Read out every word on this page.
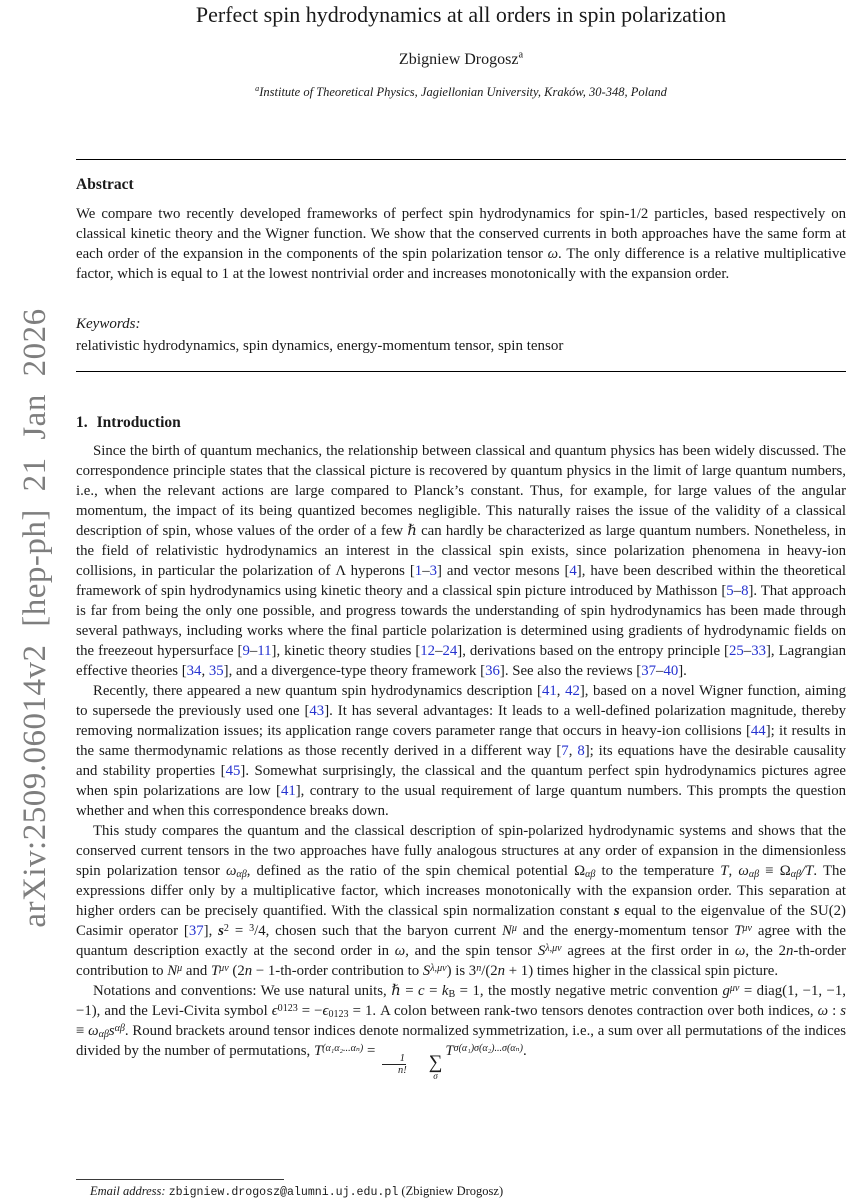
arXiv:2509.06014v2 [hep-ph] 21 Jan 2026
Perfect spin hydrodynamics at all orders in spin polarization
Zbigniew Drogosz$^a$
$^a$Institute of Theoretical Physics, Jagiellonian University, Kraków, 30-348, Poland
Abstract
We compare two recently developed frameworks of perfect spin hydrodynamics for spin-1/2 particles, based respectively on classical kinetic theory and the Wigner function. We show that the conserved currents in both approaches have the same form at each order of the expansion in the components of the spin polarization tensor ω. The only difference is a relative multiplicative factor, which is equal to 1 at the lowest nontrivial order and increases monotonically with the expansion order.
Keywords:
relativistic hydrodynamics, spin dynamics, energy-momentum tensor, spin tensor
1. Introduction

Since the birth of quantum mechanics, the relationship between classical and quantum physics has been widely discussed. The correspondence principle states that the classical picture is recovered by quantum physics in the limit of large quantum numbers, i.e., when the relevant actions are large compared to Planck’s constant. Thus, for example, for large values of the angular momentum, the impact of its being quantized becomes negligible. This naturally raises the issue of the validity of a classical description of spin, whose values of the order of a few ℏ can hardly be characterized as large quantum numbers. Nonetheless, in the field of relativistic hydrodynamics an interest in the classical spin exists, since polarization phenomena in heavy-ion collisions, in particular the polarization of Λ hyperons [1–3] and vector mesons [4], have been described within the theoretical framework of spin hydrodynamics using kinetic theory and a classical spin picture introduced by Mathisson [5–8]. That approach is far from being the only one possible, and progress towards the understanding of spin hydrodynamics has been made through several pathways, including works where the final particle polarization is determined using gradients of hydrodynamic fields on the freezeout hypersurface [9–11], kinetic theory studies [12–24], derivations based on the entropy principle [25–33], Lagrangian effective theories [34, 35], and a divergence-type theory framework [36]. See also the reviews [37–40].

Recently, there appeared a new quantum spin hydrodynamics description [41, 42], based on a novel Wigner function, aiming to supersede the previously used one [43]. It has several advantages: It leads to a well-defined polarization magnitude, thereby removing normalization issues; its application range covers parameter range that occurs in heavy-ion collisions [44]; it results in the same thermodynamic relations as those recently derived in a different way [7, 8]; its equations have the desirable causality and stability properties [45]. Somewhat surprisingly, the classical and the quantum perfect spin hydrodynamics pictures agree when spin polarizations are low [41], contrary to the usual requirement of large quantum numbers. This prompts the question whether and when this correspondence breaks down.

This study compares the quantum and the classical description of spin-polarized hydrodynamic systems and shows that the conserved current tensors in the two approaches have fully analogous structures at any order of expansion in the dimensionless spin polarization tensor ωαβ, defined as the ratio of the spin chemical potential Ωαβ to the temperature T, ωαβ ≡ Ωαβ/T. The expressions differ only by a multiplicative factor, which increases monotonically with the expansion order. This separation at higher orders can be precisely quantified. With the classical spin normalization constant s equal to the eigenvalue of the SU(2) Casimir operator [37], $s^2 = ^3/4$, chosen such that the baryon current $N^\mu$ and the energy-momentum tensor $T^{\mu\nu}$ agree with the quantum description exactly at the second order in ω, and the spin tensor $S^{\lambda,\mu\nu}$ agrees at the first order in ω, the 2n-th-order contribution to $N^\mu$ and $T^{\mu\nu}$ (2n − 1-th-order contribution to $S^{\lambda,\mu\nu}$) is $3^n/(2n + 1)$ times higher in the classical spin picture.

Notations and conventions: We use natural units, ℏ = c = kB = 1, the mostly negative metric convention $g^{\mu\nu}$ = diag(1, −1, −1, −1), and the Levi-Civita symbol $\epsilon^{0123} = -\epsilon 0123 = 1$. A colon between rank-two tensors denotes contraction over both indices, ω : s ≡ ωαβs$^{\alpha\beta}$. Round brackets around tensor indices denote normalized symmetrization, i.e., a sum over all permutations of the indices divided by the number of permutations, $T^{(\alpha_1\alpha_2...\alpha_n)}$ =
$\frac{1}{n!}$	∑
σ
$T^{\sigma(\alpha_1)\sigma(\alpha_2)...\sigma(\alpha_n)}$.

Email address: zbigniew.drogosz@alumni.uj.edu.pl (Zbigniew Drogosz)
